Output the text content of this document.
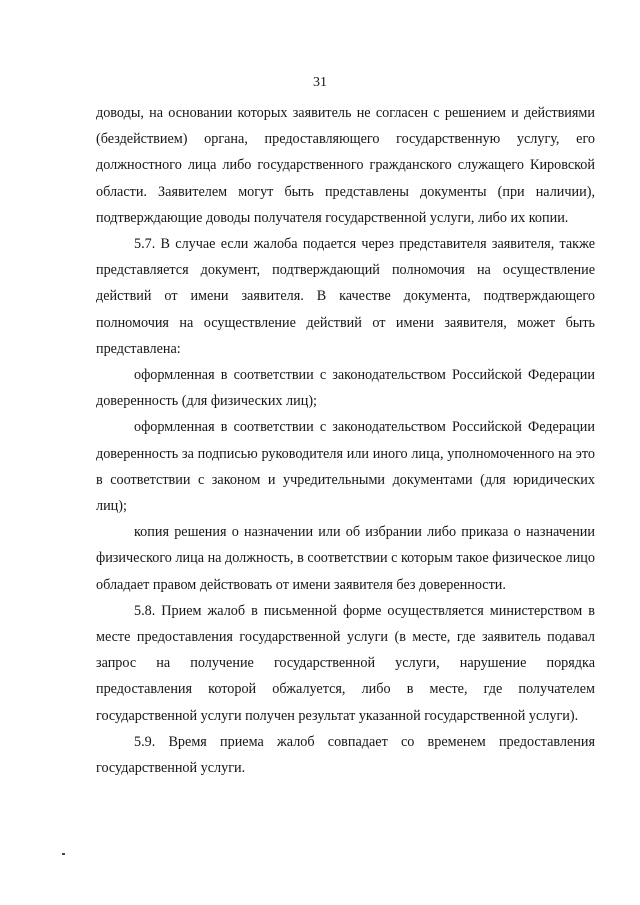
31

доводы, на основании которых заявитель не согласен с решением и действиями (бездействием) органа, предоставляющего государственную услугу, его должностного лица либо государственного гражданского служащего Кировской области. Заявителем могут быть представлены документы (при наличии), подтверждающие доводы получателя государственной услуги, либо их копии.

5.7. В случае если жалоба подается через представителя заявителя, также представляется документ, подтверждающий полномочия на осуществление действий от имени заявителя. В качестве документа, подтверждающего полномочия на осуществление действий от имени заявителя, может быть представлена:

оформленная в соответствии с законодательством Российской Федерации доверенность (для физических лиц);

оформленная в соответствии с законодательством Российской Федерации доверенность за подписью руководителя или иного лица, уполномоченного на это в соответствии с законом и учредительными документами (для юридических лиц);

копия решения о назначении или об избрании либо приказа о назначении физического лица на должность, в соответствии с которым такое физическое лицо обладает правом действовать от имени заявителя без доверенности.

5.8. Прием жалоб в письменной форме осуществляется министерством в месте предоставления государственной услуги (в месте, где заявитель подавал запрос на получение государственной услуги, нарушение порядка предоставления которой обжалуется, либо в месте, где получателем государственной услуги получен результат указанной государственной услуги).

5.9. Время приема жалоб совпадает со временем предоставления государственной услуги.
